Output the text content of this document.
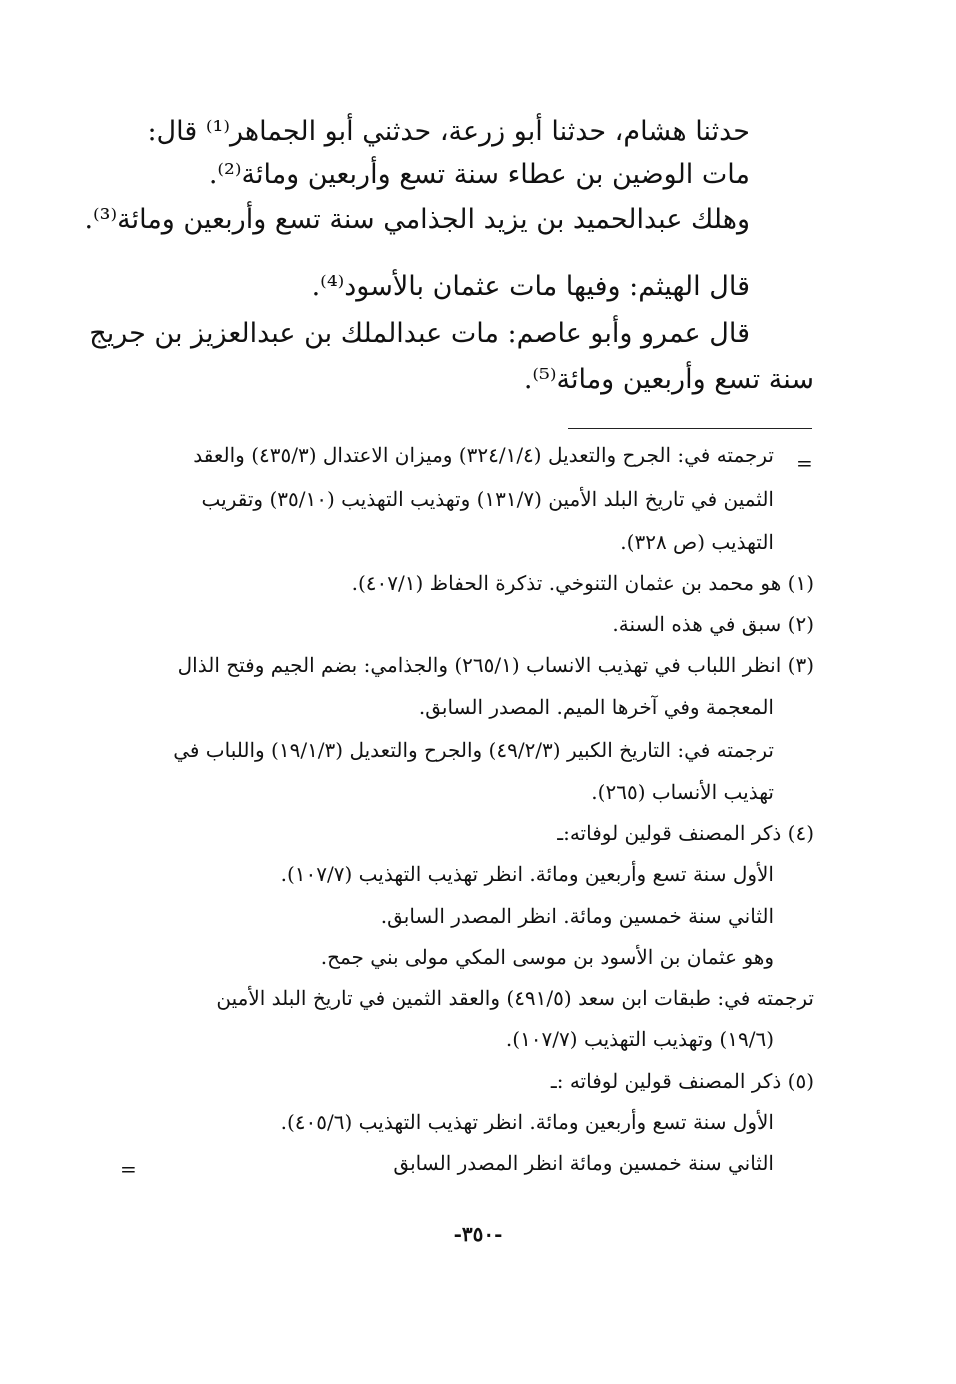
حدثنا هشام، حدثنا أبو زرعة، حدثني أبو الجماهر⁽¹⁾ قال:

مات الوضين بن عطاء سنة تسع وأربعين ومائة⁽²⁾.

وهلك عبدالحميد بن يزيد الجذامي سنة تسع وأربعين ومائة⁽³⁾.

قال الهيثم: وفيها مات عثمان بالأسود⁽⁴⁾.

قال عمرو وأبو عاصم: مات عبدالملك بن عبدالعزيز بن جريج

سنة تسع وأربعين ومائة⁽⁵⁾.

=

ترجمته في: الجرح والتعديل (٣٢٤/١/٤) وميزان الاعتدال (٤٣٥/٣) والعقد

الثمين في تاريخ البلد الأمين (١٣١/٧) وتهذيب التهذيب (٣٥/١٠) وتقريب

التهذيب (ص ٣٢٨).

(١) هو محمد بن عثمان التنوخي. تذكرة الحفاظ (٤٠٧/١).

(٢) سبق في هذه السنة.

(٣) انظر اللباب في تهذيب الانساب (٢٦٥/١) والجذامي: بضم الجيم وفتح الذال

المعجمة وفي آخرها الميم. المصدر السابق.

ترجمته في: التاريخ الكبير (٤٩/٢/٣) والجرح والتعديل (١٩/١/٣) واللباب في

تهذيب الأنساب (٢٦٥).

(٤) ذكر المصنف قولين لوفاته:ـ

الأول سنة تسع وأربعين ومائة. انظر تهذيب التهذيب (١٠٧/٧).

الثاني سنة خمسين ومائة. انظر المصدر السابق.

وهو عثمان بن الأسود بن موسى المكي مولى بني جمح.

ترجمته في: طبقات ابن سعد (٤٩١/٥) والعقد الثمين في تاريخ البلد الأمين

(١٩/٦) وتهذيب التهذيب (١٠٧/٧).

(٥) ذكر المصنف قولين لوفاته :ـ

الأول سنة تسع وأربعين ومائة. انظر تهذيب التهذيب (٤٠٥/٦).

الثاني سنة خمسين ومائة انظر المصدر السابق

=
-٣٥٠-
